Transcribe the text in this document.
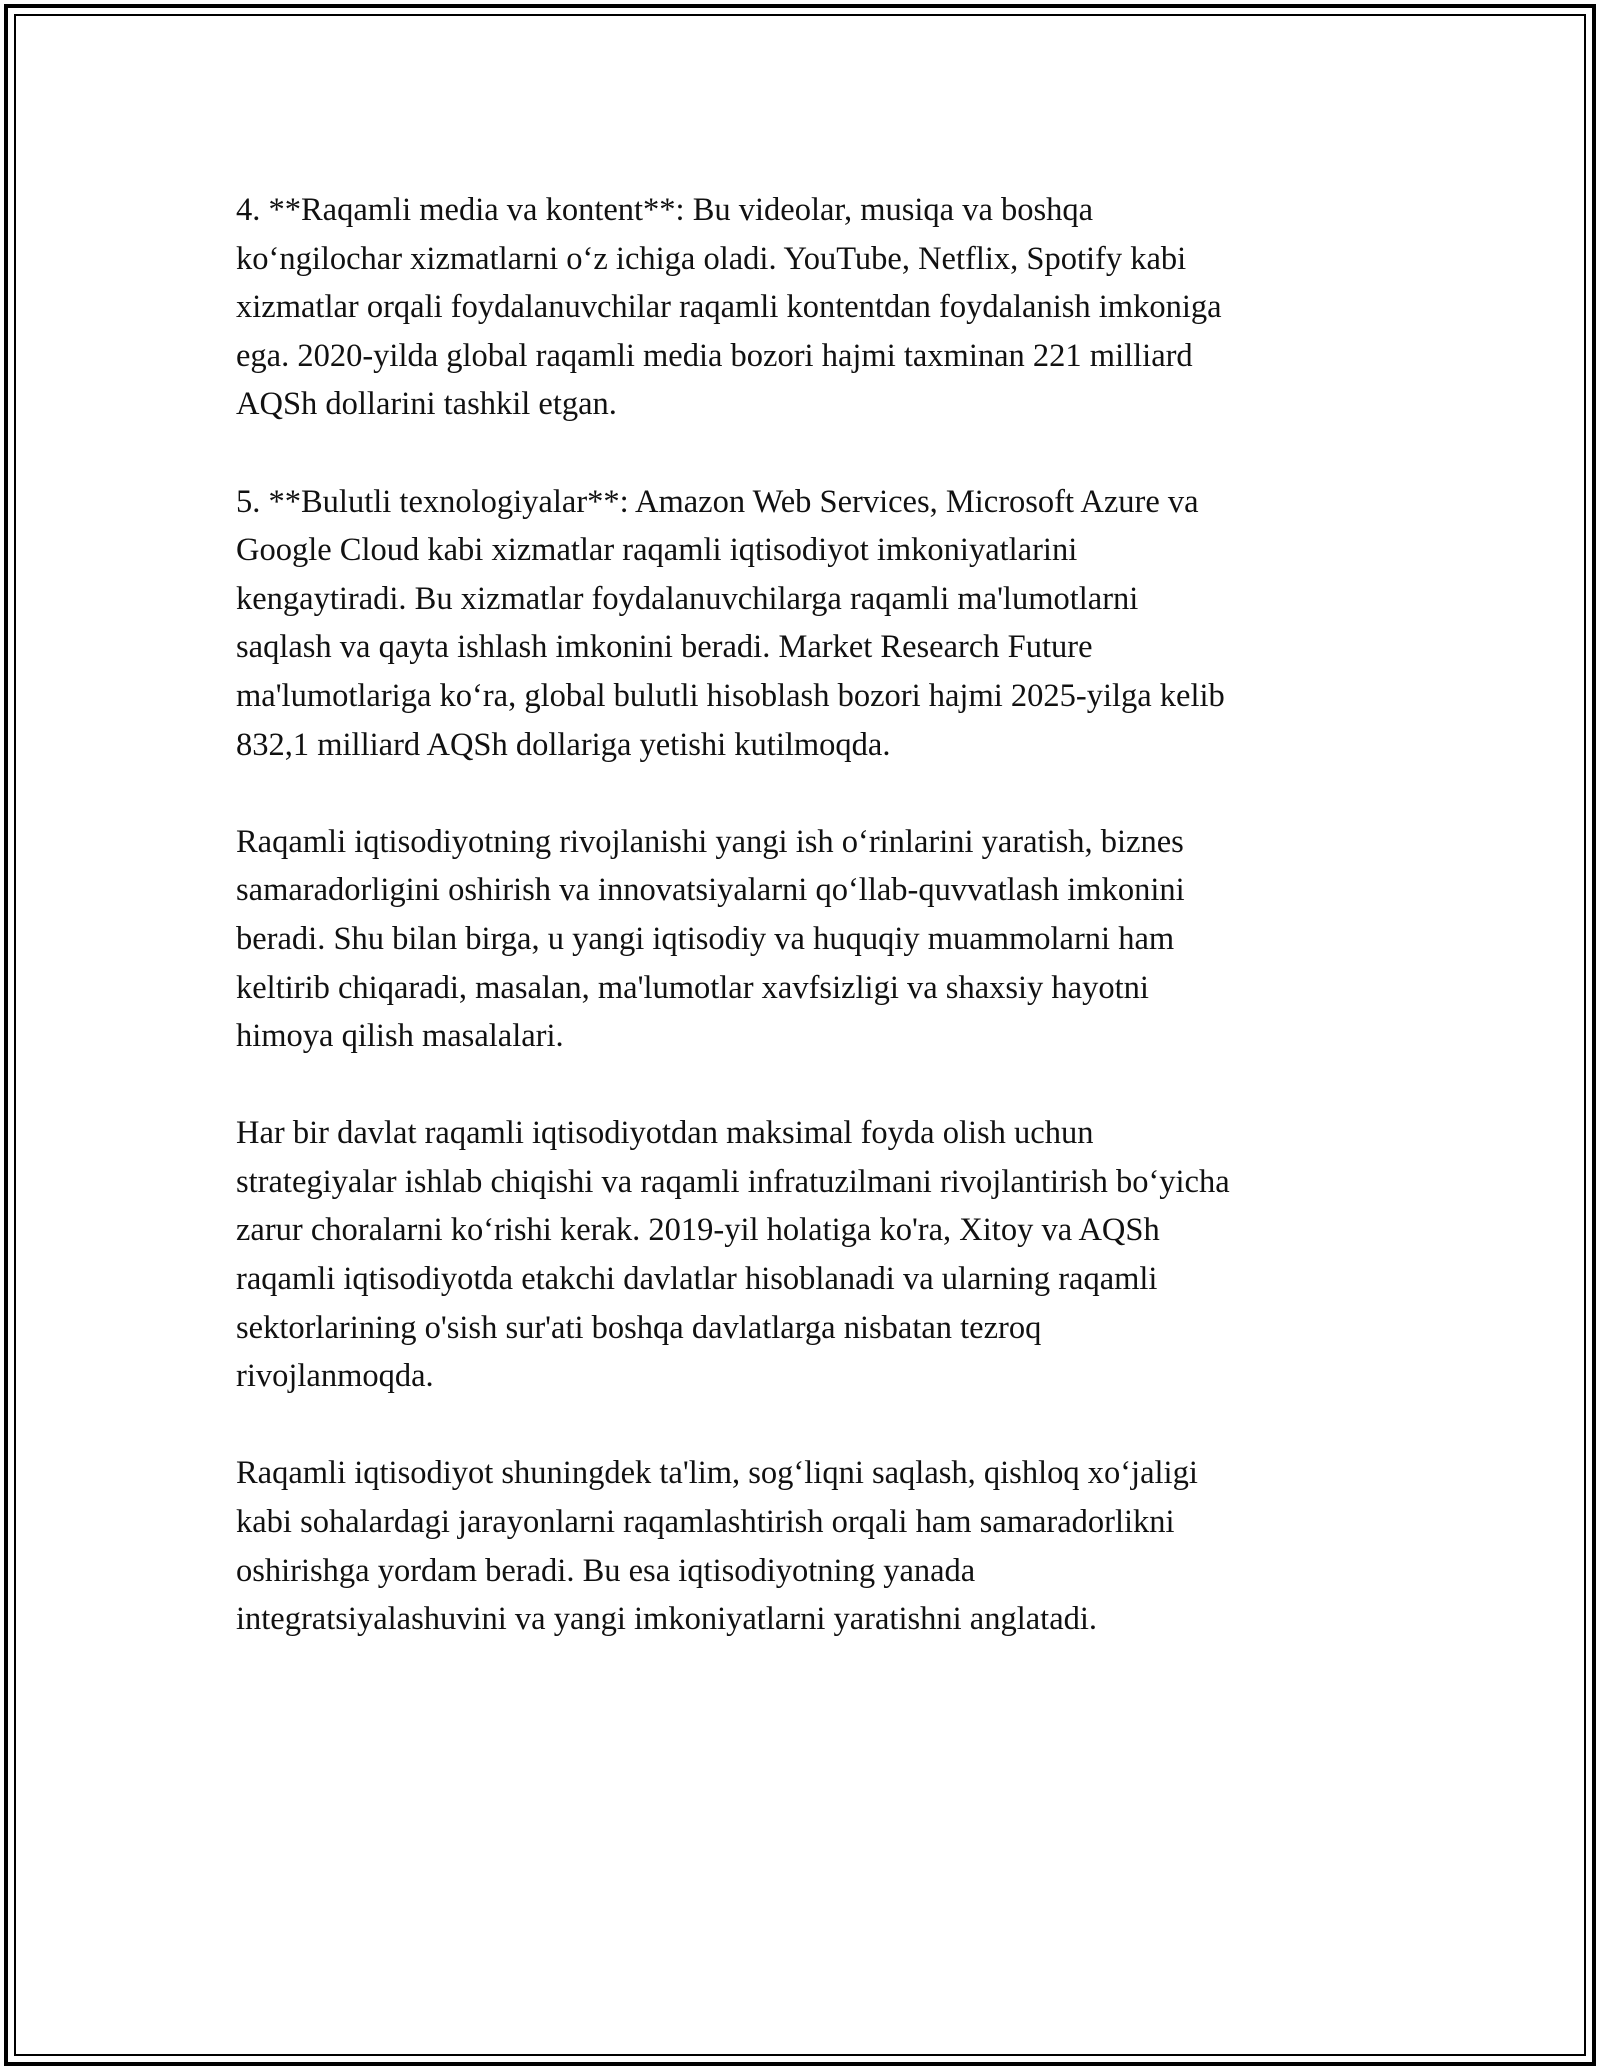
4. **Raqamli media va kontent**: Bu videolar, musiqa va boshqa
ko‘ngilochar xizmatlarni o‘z ichiga oladi. YouTube, Netflix, Spotify kabi
xizmatlar orqali foydalanuvchilar raqamli kontentdan foydalanish imkoniga
ega. 2020-yilda global raqamli media bozori hajmi taxminan 221 milliard
AQSh dollarini tashkil etgan.

5. **Bulutli texnologiyalar**: Amazon Web Services, Microsoft Azure va
Google Cloud kabi xizmatlar raqamli iqtisodiyot imkoniyatlarini
kengaytiradi. Bu xizmatlar foydalanuvchilarga raqamli ma'lumotlarni
saqlash va qayta ishlash imkonini beradi. Market Research Future
ma'lumotlariga ko‘ra, global bulutli hisoblash bozori hajmi 2025-yilga kelib
832,1 milliard AQSh dollariga yetishi kutilmoqda.

Raqamli iqtisodiyotning rivojlanishi yangi ish o‘rinlarini yaratish, biznes
samaradorligini oshirish va innovatsiyalarni qo‘llab-quvvatlash imkonini
beradi. Shu bilan birga, u yangi iqtisodiy va huquqiy muammolarni ham
keltirib chiqaradi, masalan, ma'lumotlar xavfsizligi va shaxsiy hayotni
himoya qilish masalalari.

Har bir davlat raqamli iqtisodiyotdan maksimal foyda olish uchun
strategiyalar ishlab chiqishi va raqamli infratuzilmani rivojlantirish bo‘yicha
zarur choralarni ko‘rishi kerak. 2019-yil holatiga ko'ra, Xitoy va AQSh
raqamli iqtisodiyotda etakchi davlatlar hisoblanadi va ularning raqamli
sektorlarining o'sish sur'ati boshqa davlatlarga nisbatan tezroq
rivojlanmoqda.

Raqamli iqtisodiyot shuningdek ta'lim, sog‘liqni saqlash, qishloq xo‘jaligi
kabi sohalardagi jarayonlarni raqamlashtirish orqali ham samaradorlikni
oshirishga yordam beradi. Bu esa iqtisodiyotning yanada
integratsiyalashuvini va yangi imkoniyatlarni yaratishni anglatadi.
